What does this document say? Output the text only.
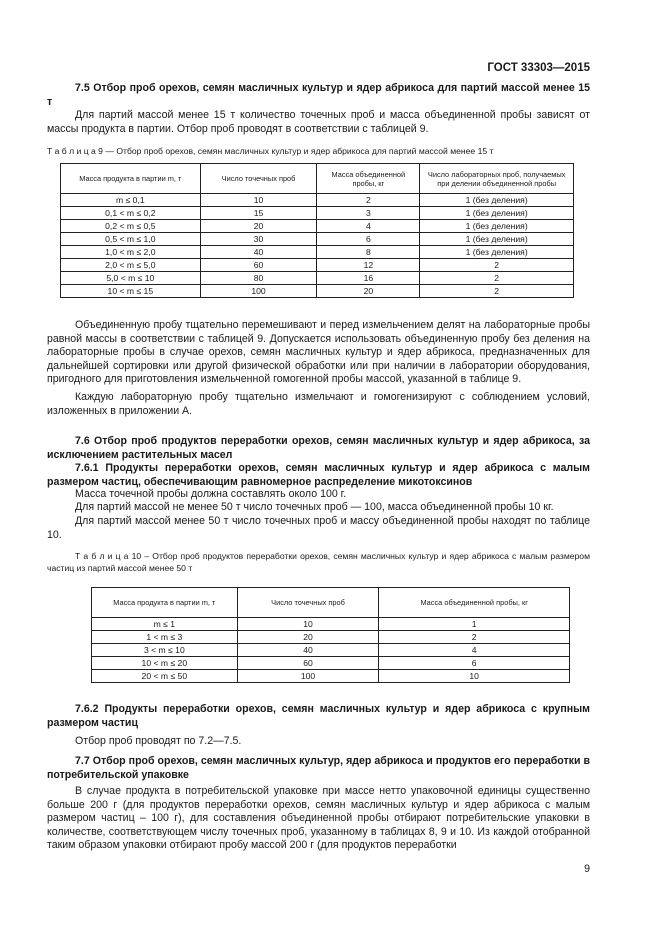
ГОСТ 33303—2015
7.5 Отбор проб орехов, семян масличных культур и ядер абрикоса для партий массой менее 15 т
Для партий массой менее 15 т количество точечных проб и масса объединенной пробы зависят от массы продукта в партии. Отбор проб проводят в соответствии с таблицей 9.
Т а б л и ц а 9 — Отбор проб орехов, семян масличных культур и ядер абрикоса для партий массой менее 15 т
Масса продукта в партии m, т	Число точечных проб	Масса объединенной пробы, кг	Число лабораторных проб, получаемых при делении объединенной пробы
m ≤ 0,1	10	2	1 (без деления)
0,1 < m ≤ 0,2	15	3	1 (без деления)
0,2 < m ≤ 0,5	20	4	1 (без деления)
0,5 < m ≤ 1,0	30	6	1 (без деления)
1,0 < m ≤ 2,0	40	8	1 (без деления)
2,0 < m ≤ 5,0	60	12	2
5,0 < m ≤ 10	80	16	2
10 < m ≤ 15	100	20	2
Объединенную пробу тщательно перемешивают и перед измельчением делят на лабораторные пробы равной массы в соответствии с таблицей 9. Допускается использовать объединенную пробу без деления на лабораторные пробы в случае орехов, семян масличных культур и ядер абрикоса, предназначенных для дальнейшей сортировки или другой физической обработки или при наличии в лаборатории оборудования, пригодного для приготовления измельченной гомогенной пробы массой, указанной в таблице 9.
Каждую лабораторную пробу тщательно измельчают и гомогенизируют с соблюдением условий, изложенных в приложении А.
7.6 Отбор проб продуктов переработки орехов, семян масличных культур и ядер абрикоса, за исключением растительных масел
7.6.1 Продукты переработки орехов, семян масличных культур и ядер абрикоса с малым размером частиц, обеспечивающим равномерное распределение микотоксинов
Масса точечной пробы должна составлять около 100 г.
Для партий массой не менее 50 т число точечных проб — 100, масса объединенной пробы 10 кг.
Для партий массой менее 50 т число точечных проб и массу объединенной пробы находят по таблице 10.
Т а б л и ц а 10 – Отбор проб продуктов переработки орехов, семян масличных культур и ядер абрикоса с малым размером частиц из партий массой менее 50 т
Масса продукта в партии m, т	Число точечных проб	Масса объединенной пробы, кг
m ≤ 1	10	1
1 < m ≤ 3	20	2
3 < m ≤ 10	40	4
10 < m ≤ 20	60	6
20 < m ≤ 50	100	10
7.6.2 Продукты переработки орехов, семян масличных культур и ядер абрикоса с крупным размером частиц
Отбор проб проводят по 7.2—7.5.
7.7 Отбор проб орехов, семян масличных культур, ядер абрикоса и продуктов его переработки в потребительской упаковке
В случае продукта в потребительской упаковке при массе нетто упаковочной единицы существенно больше 200 г (для продуктов переработки орехов, семян масличных культур и ядер абрикоса с малым размером частиц – 100 г), для составления объединенной пробы отбирают потребительские упаковки в количестве, соответствующем числу точечных проб, указанному в таблицах 8, 9 и 10. Из каждой отобранной таким образом упаковки отбирают пробу массой 200 г (для продуктов переработки
9
